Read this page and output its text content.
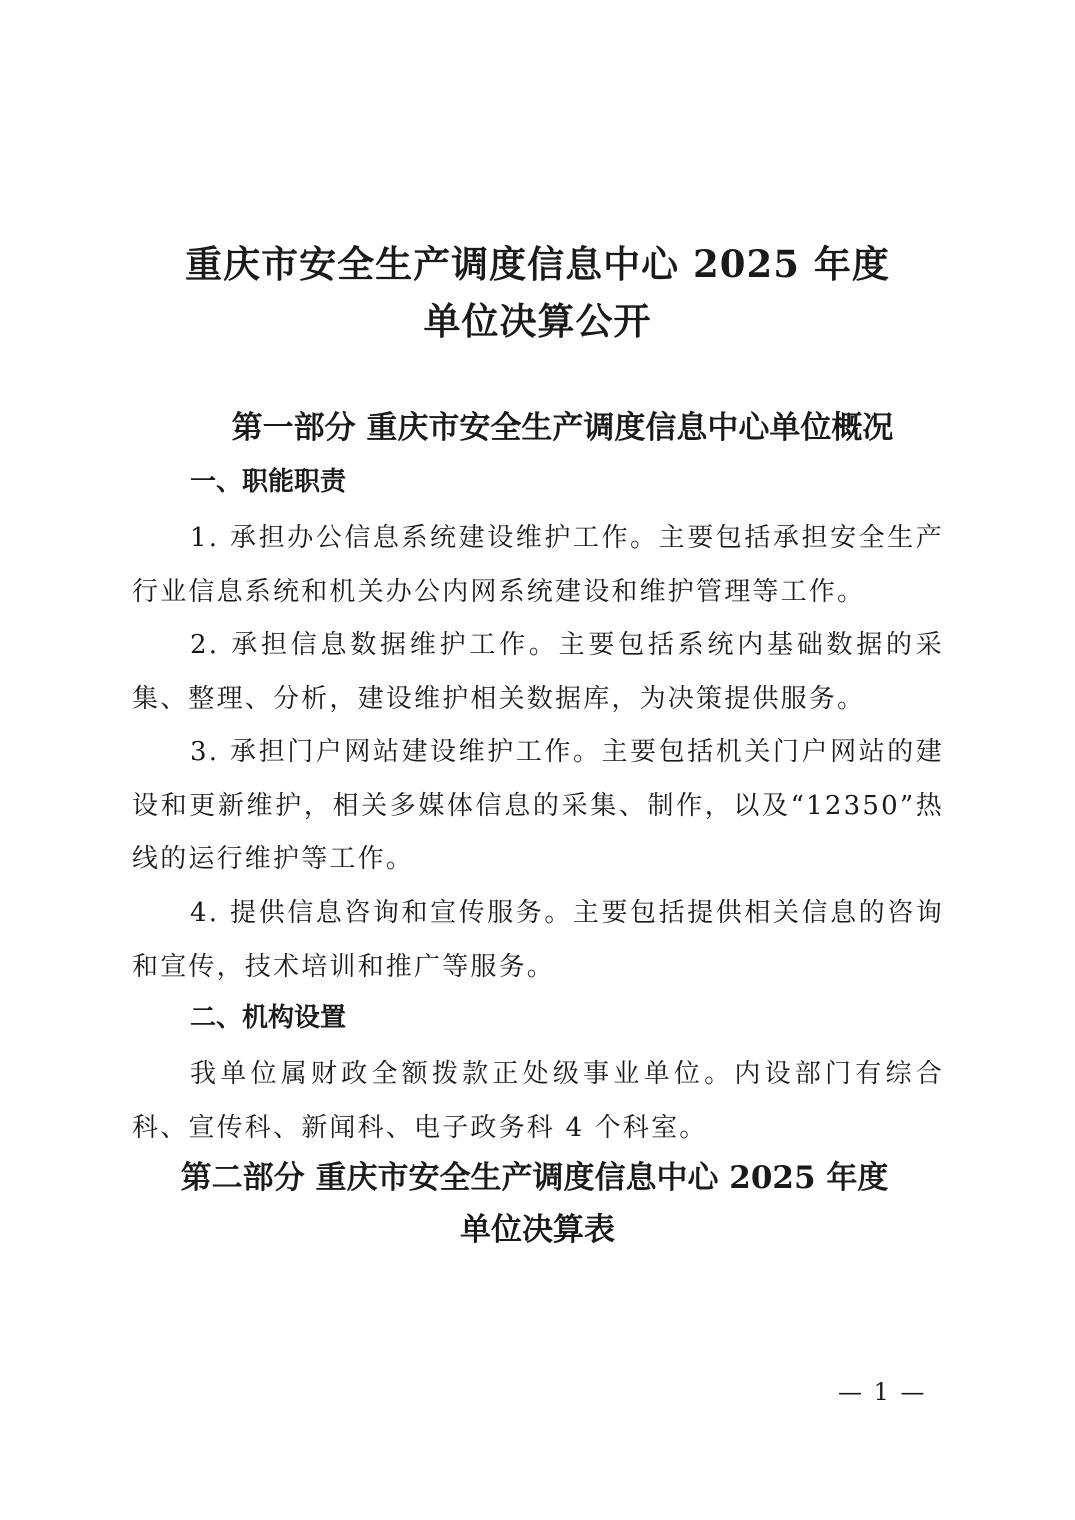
重庆市安全生产调度信息中心 2025 年度
单位决算公开
第一部分 重庆市安全生产调度信息中心单位概况
一、职能职责
1. 承担办公信息系统建设维护工作。主要包括承担安全生产行业信息系统和机关办公内网系统建设和维护管理等工作。
2. 承担信息数据维护工作。主要包括系统内基础数据的采集、整理、分析，建设维护相关数据库，为决策提供服务。
3. 承担门户网站建设维护工作。主要包括机关门户网站的建设和更新维护，相关多媒体信息的采集、制作，以及“12350”热线的运行维护等工作。
4. 提供信息咨询和宣传服务。主要包括提供相关信息的咨询和宣传，技术培训和推广等服务。
二、机构设置
我单位属财政全额拨款正处级事业单位。内设部门有综合科、宣传科、新闻科、电子政务科 4 个科室。
第二部分 重庆市安全生产调度信息中心 2025 年度
单位决算表
— 1 —
